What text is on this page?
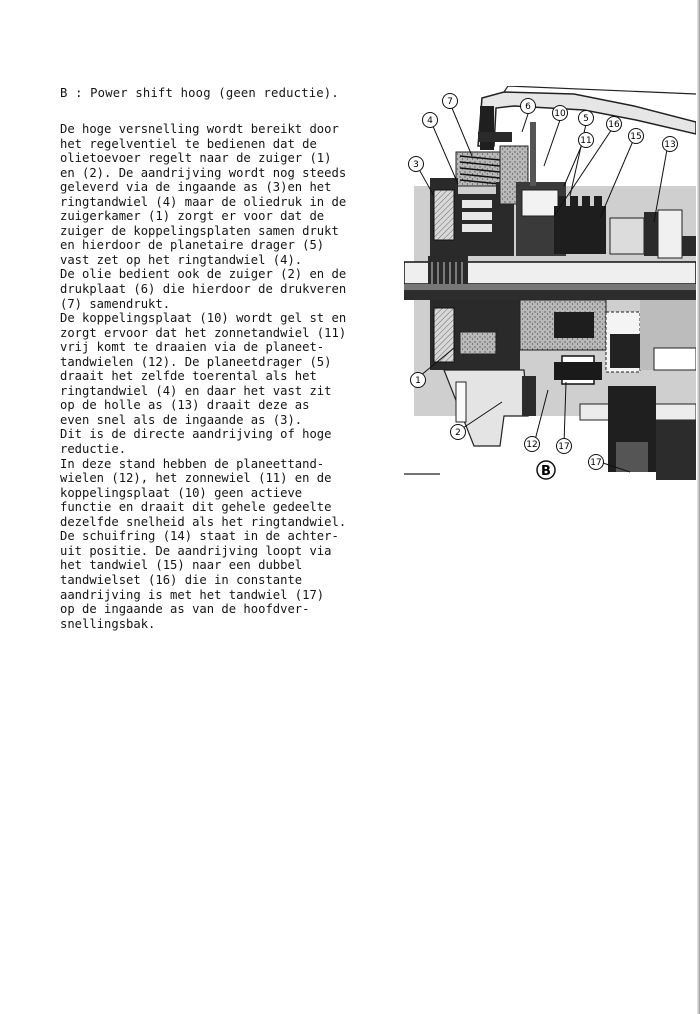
B : Power shift hoog (geen reductie).
De hoge versnelling wordt bereikt door
het regelventiel te bedienen dat de
olietoevoer regelt naar de zuiger (1)
en (2). De aandrijving wordt nog steeds
geleverd via de ingaande as (3)en het
ringtandwiel (4) maar de oliedruk in de
zuigerkamer (1) zorgt er voor dat de
zuiger de koppelingsplaten samen drukt
en hierdoor de planetaire drager (5)
vast zet op het ringtandwiel (4).
De olie bedient ook de zuiger (2) en de
drukplaat (6) die hierdoor de drukveren
(7) samendrukt.
De koppelingsplaat (10) wordt gel st en
zorgt ervoor dat het zonnetandwiel (11)
vrij komt te draaien via de planeet-
tandwielen (12). De planeetdrager (5)
draait het zelfde toerental als het
ringtandwiel (4) en daar het vast zit
op de holle as (13) draait deze as
even snel als de ingaande as (3).
Dit is de directe aandrijving of hoge
reductie.
In deze stand hebben de planeettand-
wielen (12), het zonnewiel (11) en de
koppelingsplaat (10) geen actieve
functie en draait dit gehele gedeelte
dezelfde snelheid als het ringtandwiel.
De schuifring (14) staat in de achter-
uit positie. De aandrijving loopt via
het tandwiel (15) naar een dubbel
tandwielset (16) die in constante
aandrijving is met het tandwiel (17)
op de ingaande as van de hoofdver-
snellingsbak.
7	6
10 5
16
11	15
13
4
3
1
2
12 17
17
B
